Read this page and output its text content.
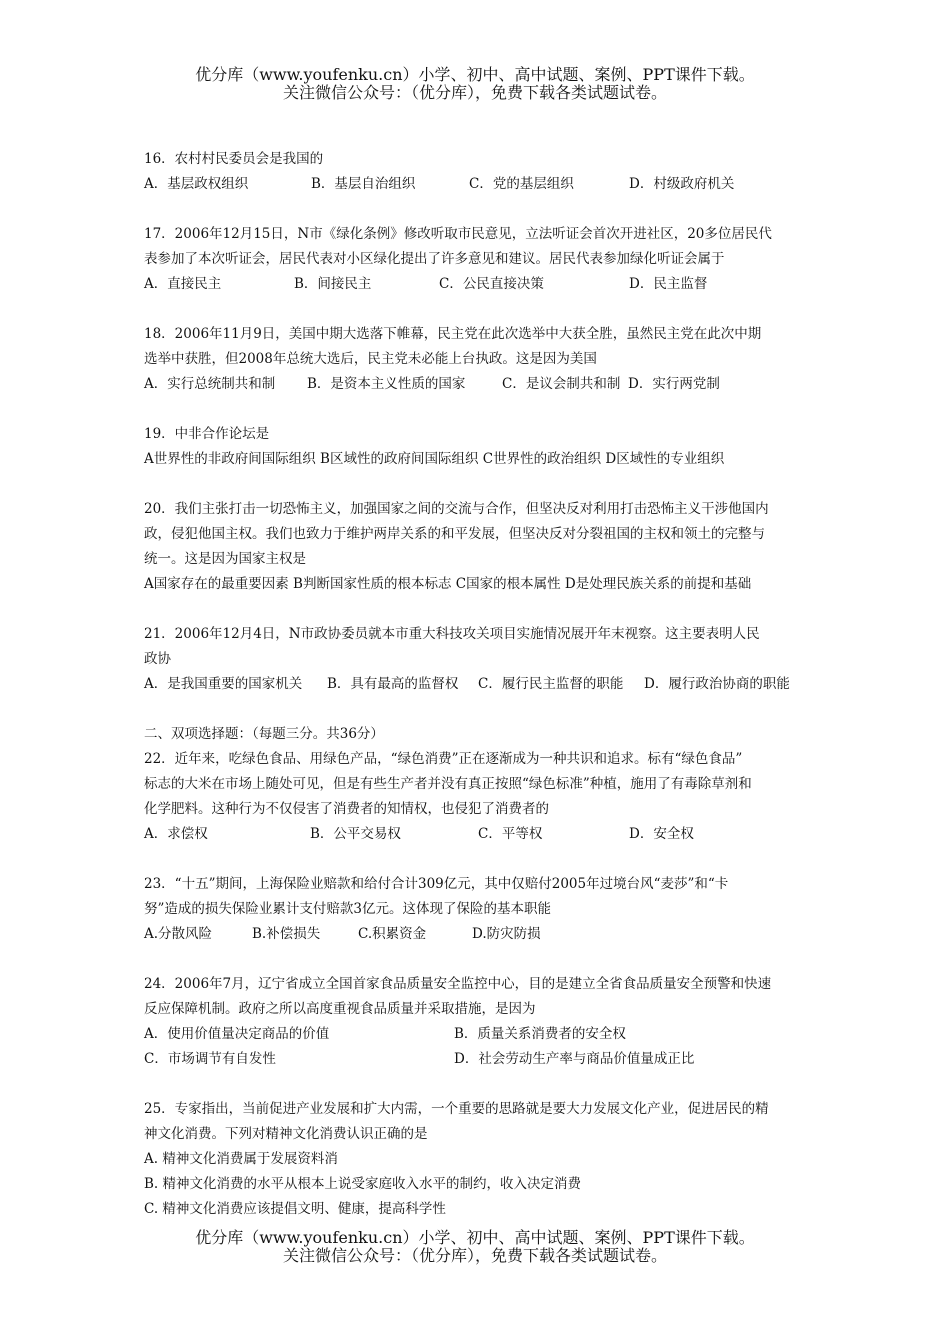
优分库（www.youfenku.cn）小学、初中、高中试题、案例、PPT课件下载。
关注微信公众号：（优分库），免费下载各类试题试卷。
16．农村村民委员会是我国的
A．基层政权组织	B．基层自治组织	C．党的基层组织	D．村级政府机关
17．2006年12月15日，N市《绿化条例》修改听取市民意见，立法听证会首次开进社区，20多位居民代
表参加了本次听证会，居民代表对小区绿化提出了许多意见和建议。居民代表参加绿化听证会属于
A．直接民主	B．间接民主	C．公民直接决策	D．民主监督
18．2006年11月9日，美国中期大选落下帷幕，民主党在此次选举中大获全胜，虽然民主党在此次中期
选举中获胜，但2008年总统大选后，民主党未必能上台执政。这是因为美国
A．实行总统制共和制	B．是资本主义性质的国家	C．是议会制共和制 D．实行两党制
19．中非合作论坛是
A世界性的非政府间国际组织 B区域性的政府间国际组织 C世界性的政治组织 D区域性的专业组织
20．我们主张打击一切恐怖主义，加强国家之间的交流与合作，但坚决反对利用打击恐怖主义干涉他国内
政，侵犯他国主权。我们也致力于维护两岸关系的和平发展，但坚决反对分裂祖国的主权和领土的完整与
统一。这是因为国家主权是
A国家存在的最重要因素 B判断国家性质的根本标志 C国家的根本属性 D是处理民族关系的前提和基础
21．2006年12月4日，N市政协委员就本市重大科技攻关项目实施情况展开年末视察。这主要表明人民
政协
A．是我国重要的国家机关	B．具有最高的监督权	C．履行民主监督的职能	D．履行政治协商的职能
二、双项选择题：（每题三分。共36分）
22．近年来，吃绿色食品、用绿色产品，“绿色消费”正在逐渐成为一种共识和追求。标有“绿色食品”
标志的大米在市场上随处可见，但是有些生产者并没有真正按照“绿色标准”种植，施用了有毒除草剂和
化学肥料。这种行为不仅侵害了消费者的知情权，也侵犯了消费者的
A．求偿权	B．公平交易权	C．平等权	D．安全权
23．“十五”期间，上海保险业赔款和给付合计309亿元，其中仅赔付2005年过境台风“麦莎”和“卡
努”造成的损失保险业累计支付赔款3亿元。这体现了保险的基本职能
A.分散风险	B.补偿损失	C.积累资金	D.防灾防损
24．2006年7月，辽宁省成立全国首家食品质量安全监控中心，目的是建立全省食品质量安全预警和快速
反应保障机制。政府之所以高度重视食品质量并采取措施，是因为
A．使用价值量决定商品的价值	B．质量关系消费者的安全权
C．市场调节有自发性	D．社会劳动生产率与商品价值量成正比
25．专家指出，当前促进产业发展和扩大内需，一个重要的思路就是要大力发展文化产业，促进居民的精
神文化消费。下列对精神文化消费认识正确的是
A. 精神文化消费属于发展资料消
B. 精神文化消费的水平从根本上说受家庭收入水平的制约，收入决定消费
C. 精神文化消费应该提倡文明、健康，提高科学性
优分库（www.youfenku.cn）小学、初中、高中试题、案例、PPT课件下载。
关注微信公众号：（优分库），免费下载各类试题试卷。
